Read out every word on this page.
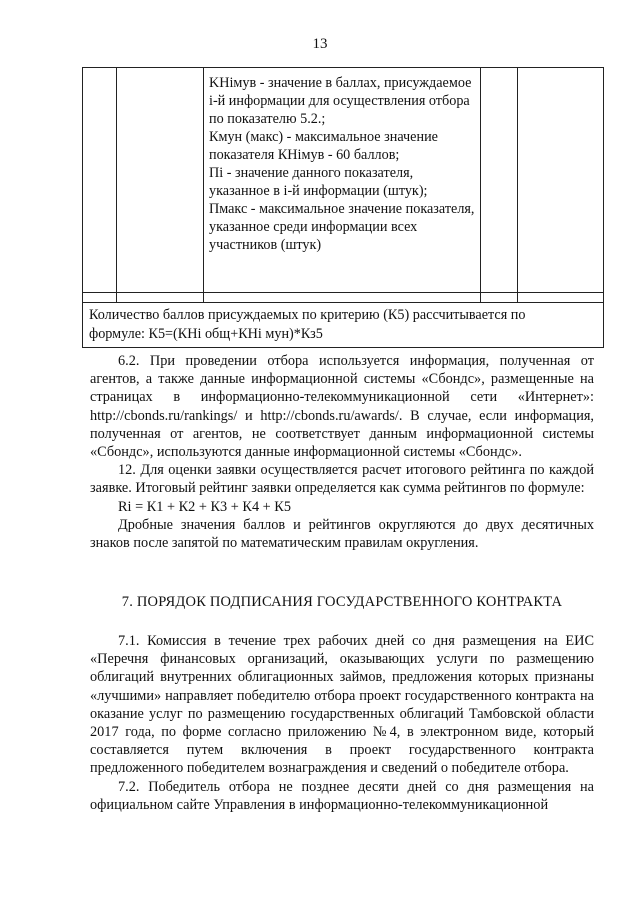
13

KHімув - значение в баллах, присуждаемое i-й информации для осуществления отбора по показателю 5.2.;

Кмун (макс) - максимальное значение показателя КНiмув - 60 баллов;

Пi - значение данного показателя, указанное в i-й информации (штук);

Пмакс - максимальное значение показателя, указанное среди информации всех участников (штук)

Количество баллов присуждаемых по критерию (К5) рассчитывается по
формуле: К5=(КHi общ+КHi мун)*Кз5

6.2. При проведении отбора используется информация, полученная от агентов, а также данные информационной системы «Сбондс», размещенные на страницах в информационно-телекоммуникационной сети «Интернет»: http://cbonds.ru/rankings/ и http://cbonds.ru/awards/. В случае, если информация, полученная от агентов, не соответствует данным информационной системы «Сбондс», используются данные информационной системы «Сбондс».

12. Для оценки заявки осуществляется расчет итогового рейтинга по каждой заявке. Итоговый рейтинг заявки определяется как сумма рейтингов по формуле:

Ri = К1 + К2 + К3 + К4 + К5

Дробные значения баллов и рейтингов округляются до двух десятичных знаков после запятой по математическим правилам округления.

7. ПОРЯДОК ПОДПИСАНИЯ ГОСУДАРСТВЕННОГО КОНТРАКТА

7.1. Комиссия в течение трех рабочих дней со дня размещения на ЕИС «Перечня финансовых организаций, оказывающих услуги по размещению облигаций внутренних облигационных займов, предложения которых признаны «лучшими» направляет победителю отбора проект государственного контракта на оказание услуг по размещению государственных облигаций Тамбовской области 2017 года, по форме согласно приложению №4, в электронном виде, который составляется путем включения в проект государственного контракта предложенного победителем вознаграждения и сведений о победителе отбора.

7.2. Победитель отбора не позднее десяти дней со дня размещения на официальном сайте Управления в информационно-телекоммуникационной
